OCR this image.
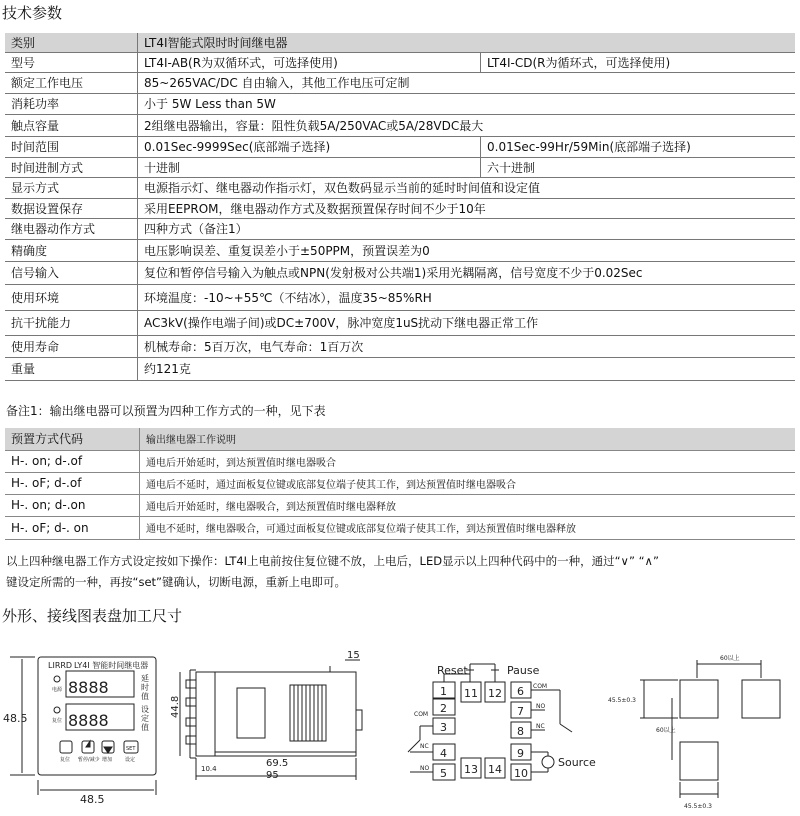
技术参数
类别	LT4I智能式限时时间继电器	
型号	LT4I-AB(R为双循环式，可选择使用)	LT4I-CD(R为循环式，可选择使用)
额定工作电压	85~265VAC/DC 自由输入，其他工作电压可定制	
消耗功率	小于 5W Less than 5W	
触点容量	2组继电器输出，容量：阻性负载5A/250VAC或5A/28VDC最大	
时间范围	0.01Sec-9999Sec(底部端子选择)	0.01Sec-99Hr/59Min(底部端子选择)
时间进制方式	十进制	六十进制
显示方式	电源指示灯、继电器动作指示灯，双色数码显示当前的延时时间值和设定值	
数据设置保存	采用EEPROM，继电器动作方式及数据预置保存时间不少于10年	
继电器动作方式	四种方式（备注1）	
精确度	电压影响误差、重复误差小于±50PPM，预置误差为0	
信号输入	复位和暂停信号输入为触点或NPN(发射极对公共端1)采用光耦隔离，信号宽度不少于0.02Sec	
使用环境	环境温度：-10~+55℃（不结冰），温度35~85%RH	
抗干扰能力	AC3kV(操作电端子间)或DC±700V，脉冲宽度1uS扰动下继电器正常工作	
使用寿命	机械寿命：5百万次，电气寿命：1百万次	
重量	约121克	
备注1：输出继电器可以预置为四种工作方式的一种，见下表
预置方式代码	输出继电器工作说明
H-. on; d-.of	通电后开始延时，到达预置值时继电器吸合
H-. oF; d-.of	通电后不延时，通过面板复位键或底部复位端子使其工作，到达预置值时继电器吸合
H-. on; d-.on	通电后开始延时，继电器吸合，到达预置值时继电器释放
H-. oF; d-. on	通电不延时，继电器吸合，可通过面板复位键或底部复位端子使其工作，到达预置值时继电器释放
以上四种继电器工作方式设定按如下操作：LT4I上电前按住复位键不放，上电后，LED显示以上四种代码中的一种，通过“∨” “∧”
键设定所需的一种，再按“set”键确认，切断电源，重新上电即可。
外形、接线图表盘加工尺寸
8888
8888
LIRRD LY4I 智能时间继电器
电源
复位
延
时
值
设
定
值
复位 暂停/减少 增加	设定
SET
48.5
48.5
15
44.8
69.5
10.4
95
Reset	Pause
Source
1
2
3
4
5
6
7
8
9
10
11 12
13 14
COM
NC
NO
COM
NO
NC
60以上
45.5±0.3
60以上
45.5±0.3
